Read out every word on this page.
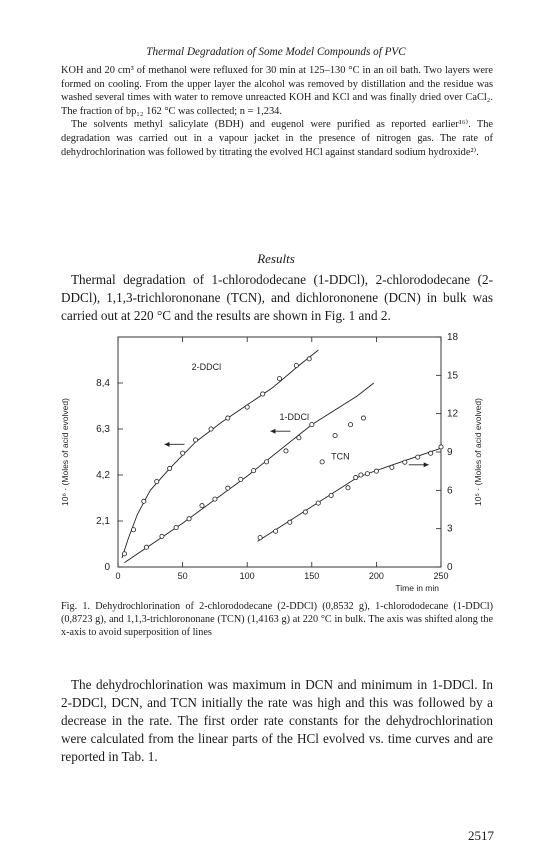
Thermal Degradation of Some Model Compounds of PVC

KOH and 20 cm³ of methanol were refluxed for 30 min at 125–130 °C in an oil bath. Two layers were formed on cooling. From the upper layer the alcohol was removed by distillation and the residue was washed several times with water to remove unreacted KOH and KCl and was finally dried over CaCl₂. The fraction of bp₁₂ 162 °C was collected; n = 1,234.

The solvents methyl salicylate (BDH) and eugenol were purified as reported earlier¹⁶⁾. The degradation was carried out in a vapour jacket in the presence of nitrogen gas. The rate of dehydrochlorination was followed by titrating the evolved HCl against standard sodium hydroxide²⁾.

Results

Thermal degradation of 1-chlorododecane (1-DDCl), 2-chlorododecane (2-DDCl), 1,1,3-trichlorononane (TCN), and dichlorononene (DCN) in bulk was carried out at 220 °C and the results are shown in Fig. 1 and 2.

0	50	100	150	200	250
0
2,1
4,2
6,3
8,4
0
3
6
9
12
15
18
Time in min
10⁶ · (Moles of acid evolved)	10⁵ · (Moles of acid evolved)
2-DDCl
1-DDCl
TCN

Fig. 1. Dehydrochlorination of 2-chlorododecane (2-DDCl) (0,8532 g), 1-chlorododecane (1-DDCl) (0,8723 g), and 1,1,3-trichlorononane (TCN) (1,4163 g) at 220 °C in bulk. The axis was shifted along the x-axis to avoid superposition of lines

The dehydrochlorination was maximum in DCN and minimum in 1-DDCl. In 2-DDCl, DCN, and TCN initially the rate was high and this was followed by a decrease in the rate. The first order rate constants for the dehydrochlorination were calculated from the linear parts of the HCl evolved vs. time curves and are reported in Tab. 1.

2517
